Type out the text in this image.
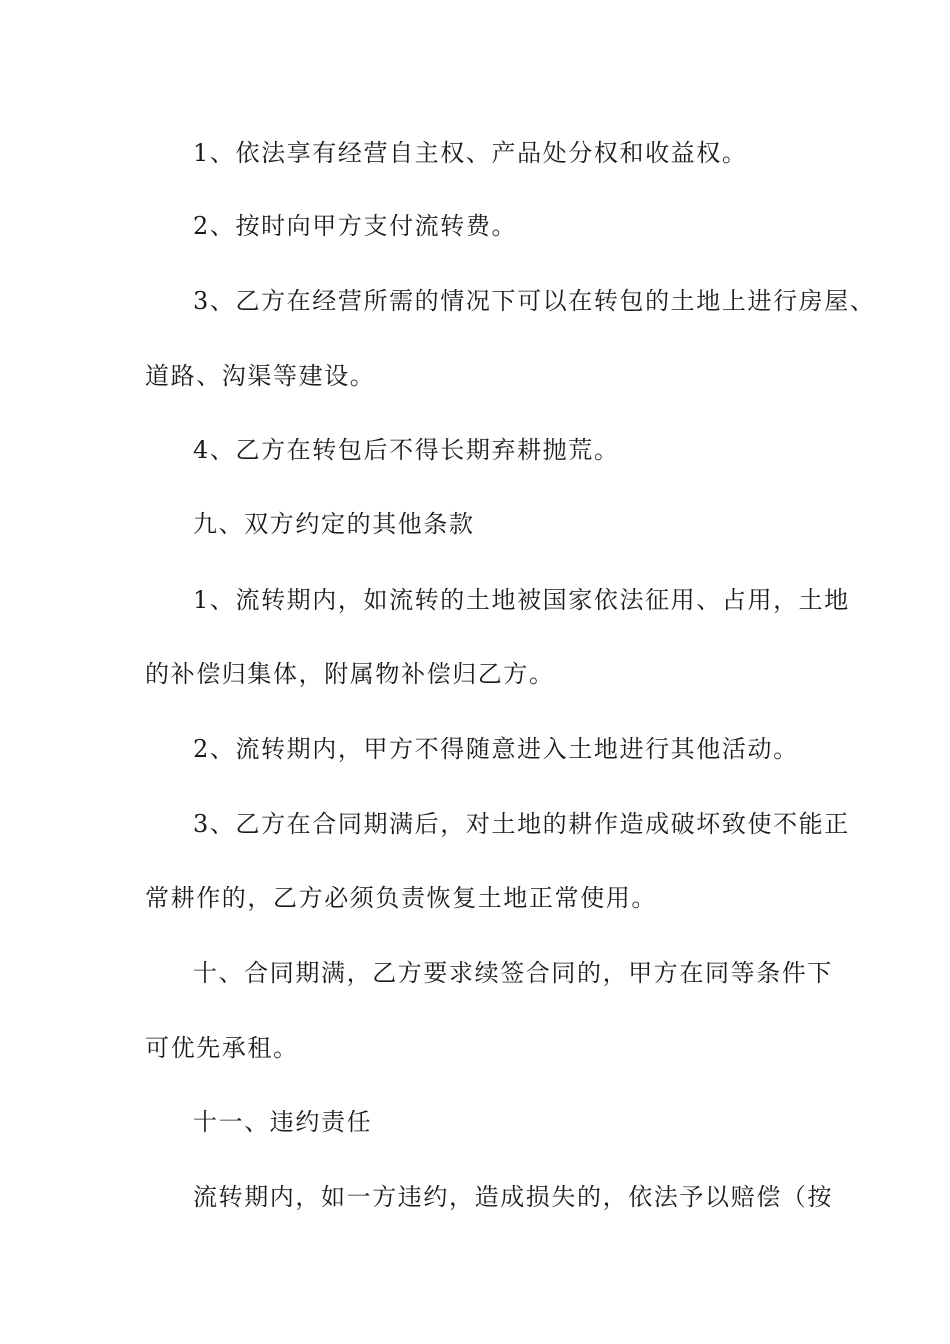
1、依法享有经营自主权、产品处分权和收益权。
2、按时向甲方支付流转费。
3、乙方在经营所需的情况下可以在转包的土地上进行房屋、
道路、沟渠等建设。
4、乙方在转包后不得长期弃耕抛荒。
九、双方约定的其他条款
1、流转期内，如流转的土地被国家依法征用、占用，土地
的补偿归集体，附属物补偿归乙方。
2、流转期内，甲方不得随意进入土地进行其他活动。
3、乙方在合同期满后，对土地的耕作造成破坏致使不能正
常耕作的，乙方必须负责恢复土地正常使用。
十、合同期满，乙方要求续签合同的，甲方在同等条件下
可优先承租。
十一、违约责任
流转期内，如一方违约，造成损失的，依法予以赔偿（按
